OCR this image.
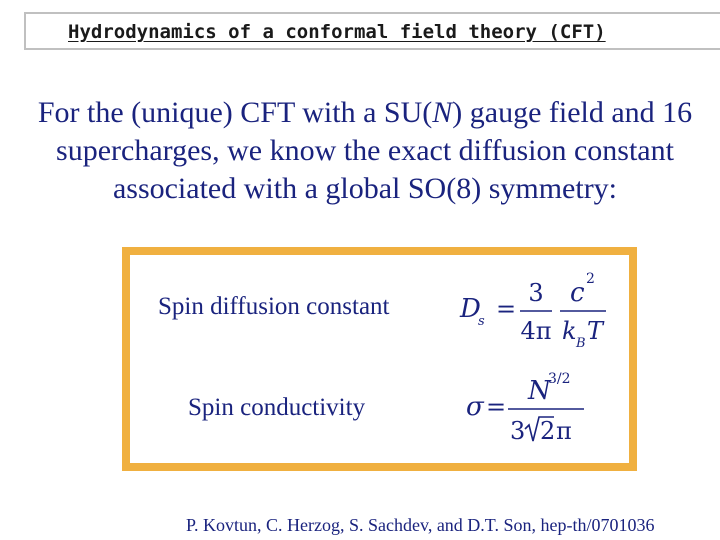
Hydrodynamics of a conformal field theory (CFT)
For the (unique) CFT with a SU(N) gauge field and 16 supercharges, we know the exact diffusion constant associated with a global SO(8) symmetry:
Spin diffusion constant	D
s =
3
4π
c 2
k B T
Spin conductivity	σ =
N
3/2
3 2 π
P. Kovtun, C. Herzog, S. Sachdev, and D.T. Son, hep-th/0701036
